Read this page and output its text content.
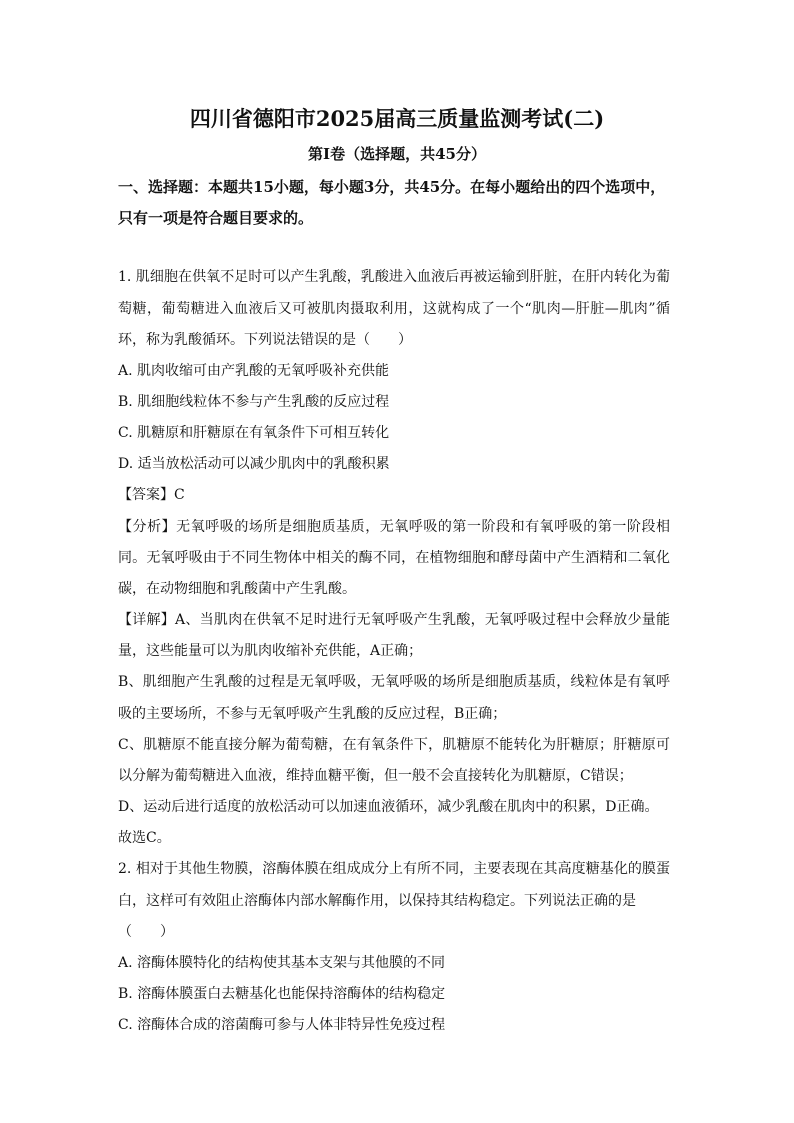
四川省德阳市2025届高三质量监测考试(二)
第Ⅰ卷（选择题，共45分）
一、选择题：本题共15小题，每小题3分，共45分。在每小题给出的四个选项中，只有一项是符合题目要求的。
1. 肌细胞在供氧不足时可以产生乳酸，乳酸进入血液后再被运输到肝脏，在肝内转化为葡
萄糖，葡萄糖进入血液后又可被肌肉摄取利用，这就构成了一个“肌肉—肝脏—肌肉”循
环，称为乳酸循环。下列说法错误的是（　　）
A. 肌肉收缩可由产乳酸的无氧呼吸补充供能
B. 肌细胞线粒体不参与产生乳酸的反应过程
C. 肌糖原和肝糖原在有氧条件下可相互转化
D. 适当放松活动可以减少肌肉中的乳酸积累
【答案】C
【分析】无氧呼吸的场所是细胞质基质，无氧呼吸的第一阶段和有氧呼吸的第一阶段相
同。无氧呼吸由于不同生物体中相关的酶不同，在植物细胞和酵母菌中产生酒精和二氧化
碳，在动物细胞和乳酸菌中产生乳酸。
【详解】A、当肌肉在供氧不足时进行无氧呼吸产生乳酸，无氧呼吸过程中会释放少量能
量，这些能量可以为肌肉收缩补充供能，A正确；
B、肌细胞产生乳酸的过程是无氧呼吸，无氧呼吸的场所是细胞质基质，线粒体是有氧呼
吸的主要场所，不参与无氧呼吸产生乳酸的反应过程，B正确；
C、肌糖原不能直接分解为葡萄糖，在有氧条件下，肌糖原不能转化为肝糖原；肝糖原可
以分解为葡萄糖进入血液，维持血糖平衡，但一般不会直接转化为肌糖原，C错误；
D、运动后进行适度的放松活动可以加速血液循环，减少乳酸在肌肉中的积累，D正确。
故选C。
2. 相对于其他生物膜，溶酶体膜在组成成分上有所不同，主要表现在其高度糖基化的膜蛋
白，这样可有效阻止溶酶体内部水解酶作用，以保持其结构稳定。下列说法正确的是
（　　）
A. 溶酶体膜特化的结构使其基本支架与其他膜的不同
B. 溶酶体膜蛋白去糖基化也能保持溶酶体的结构稳定
C. 溶酶体合成的溶菌酶可参与人体非特异性免疫过程
